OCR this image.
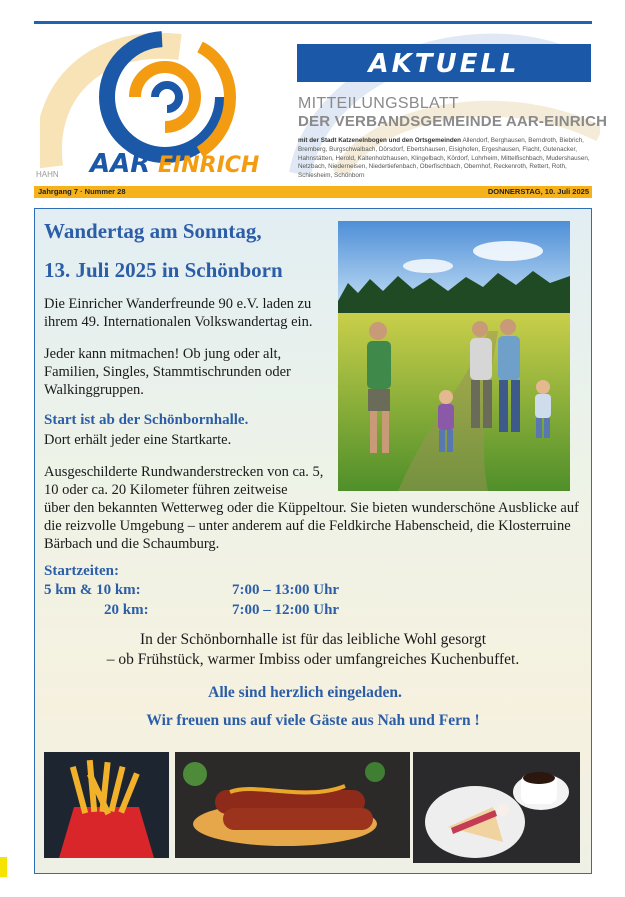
AAR EINRICH
AKTUELL
MITTEILUNGSBLATT
DER VERBANDSGEMEINDE AAR-EINRICH
mit der Stadt Katzenelnbogen und den Ortsgemeinden Allendorf, Berghausen, Berndroth, Biebrich, Bremberg, Burgschwalbach, Dörsdorf, Ebertshausen, Eisighofen, Ergeshausen, Flacht, Gutenacker, Hahnstätten, Herold, Kaltenholzhausen, Klingelbach, Kördorf, Lohrheim, Mittelfischbach, Mudershausen, Netzbach, Niederneisen, Niedertiefenbach, Oberfischbach, Obernhof, Reckenroth, Rettert, Roth, Schiesheim, Schönborn
HAHN
Jahrgang 7 · Nummer 28	DONNERSTAG, 10. Juli 2025
Wandertag am Sonntag,
13. Juli 2025 in Schönborn
Die Einricher Wanderfreunde 90 e.V. laden zu ihrem 49. Internationalen Volkswandertag ein.
Jeder kann mitmachen! Ob jung oder alt, Familien, Singles, Stammtischrunden oder Walkinggruppen.
Start ist ab der Schönbornhalle.
Dort erhält jeder eine Startkarte.
Ausgeschilderte Rundwanderstrecken von ca. 5, 10 oder ca. 20 Kilometer führen zeitweise
über den bekannten Wetterweg oder die Küppeltour. Sie bieten wunderschöne Ausblicke auf die reizvolle Umgebung – unter anderem auf die Feldkirche Habenscheid, die Klosterruine Bärbach und die Schaumburg.
Startzeiten:
5 km & 10 km:	7:00 – 13:00 Uhr
20 km:	7:00 – 12:00 Uhr
In der Schönbornhalle ist für das leibliche Wohl gesorgt
– ob Frühstück, warmer Imbiss oder umfangreiches Kuchenbuffet.
Alle sind herzlich eingeladen.
Wir freuen uns auf viele Gäste aus Nah und Fern !
